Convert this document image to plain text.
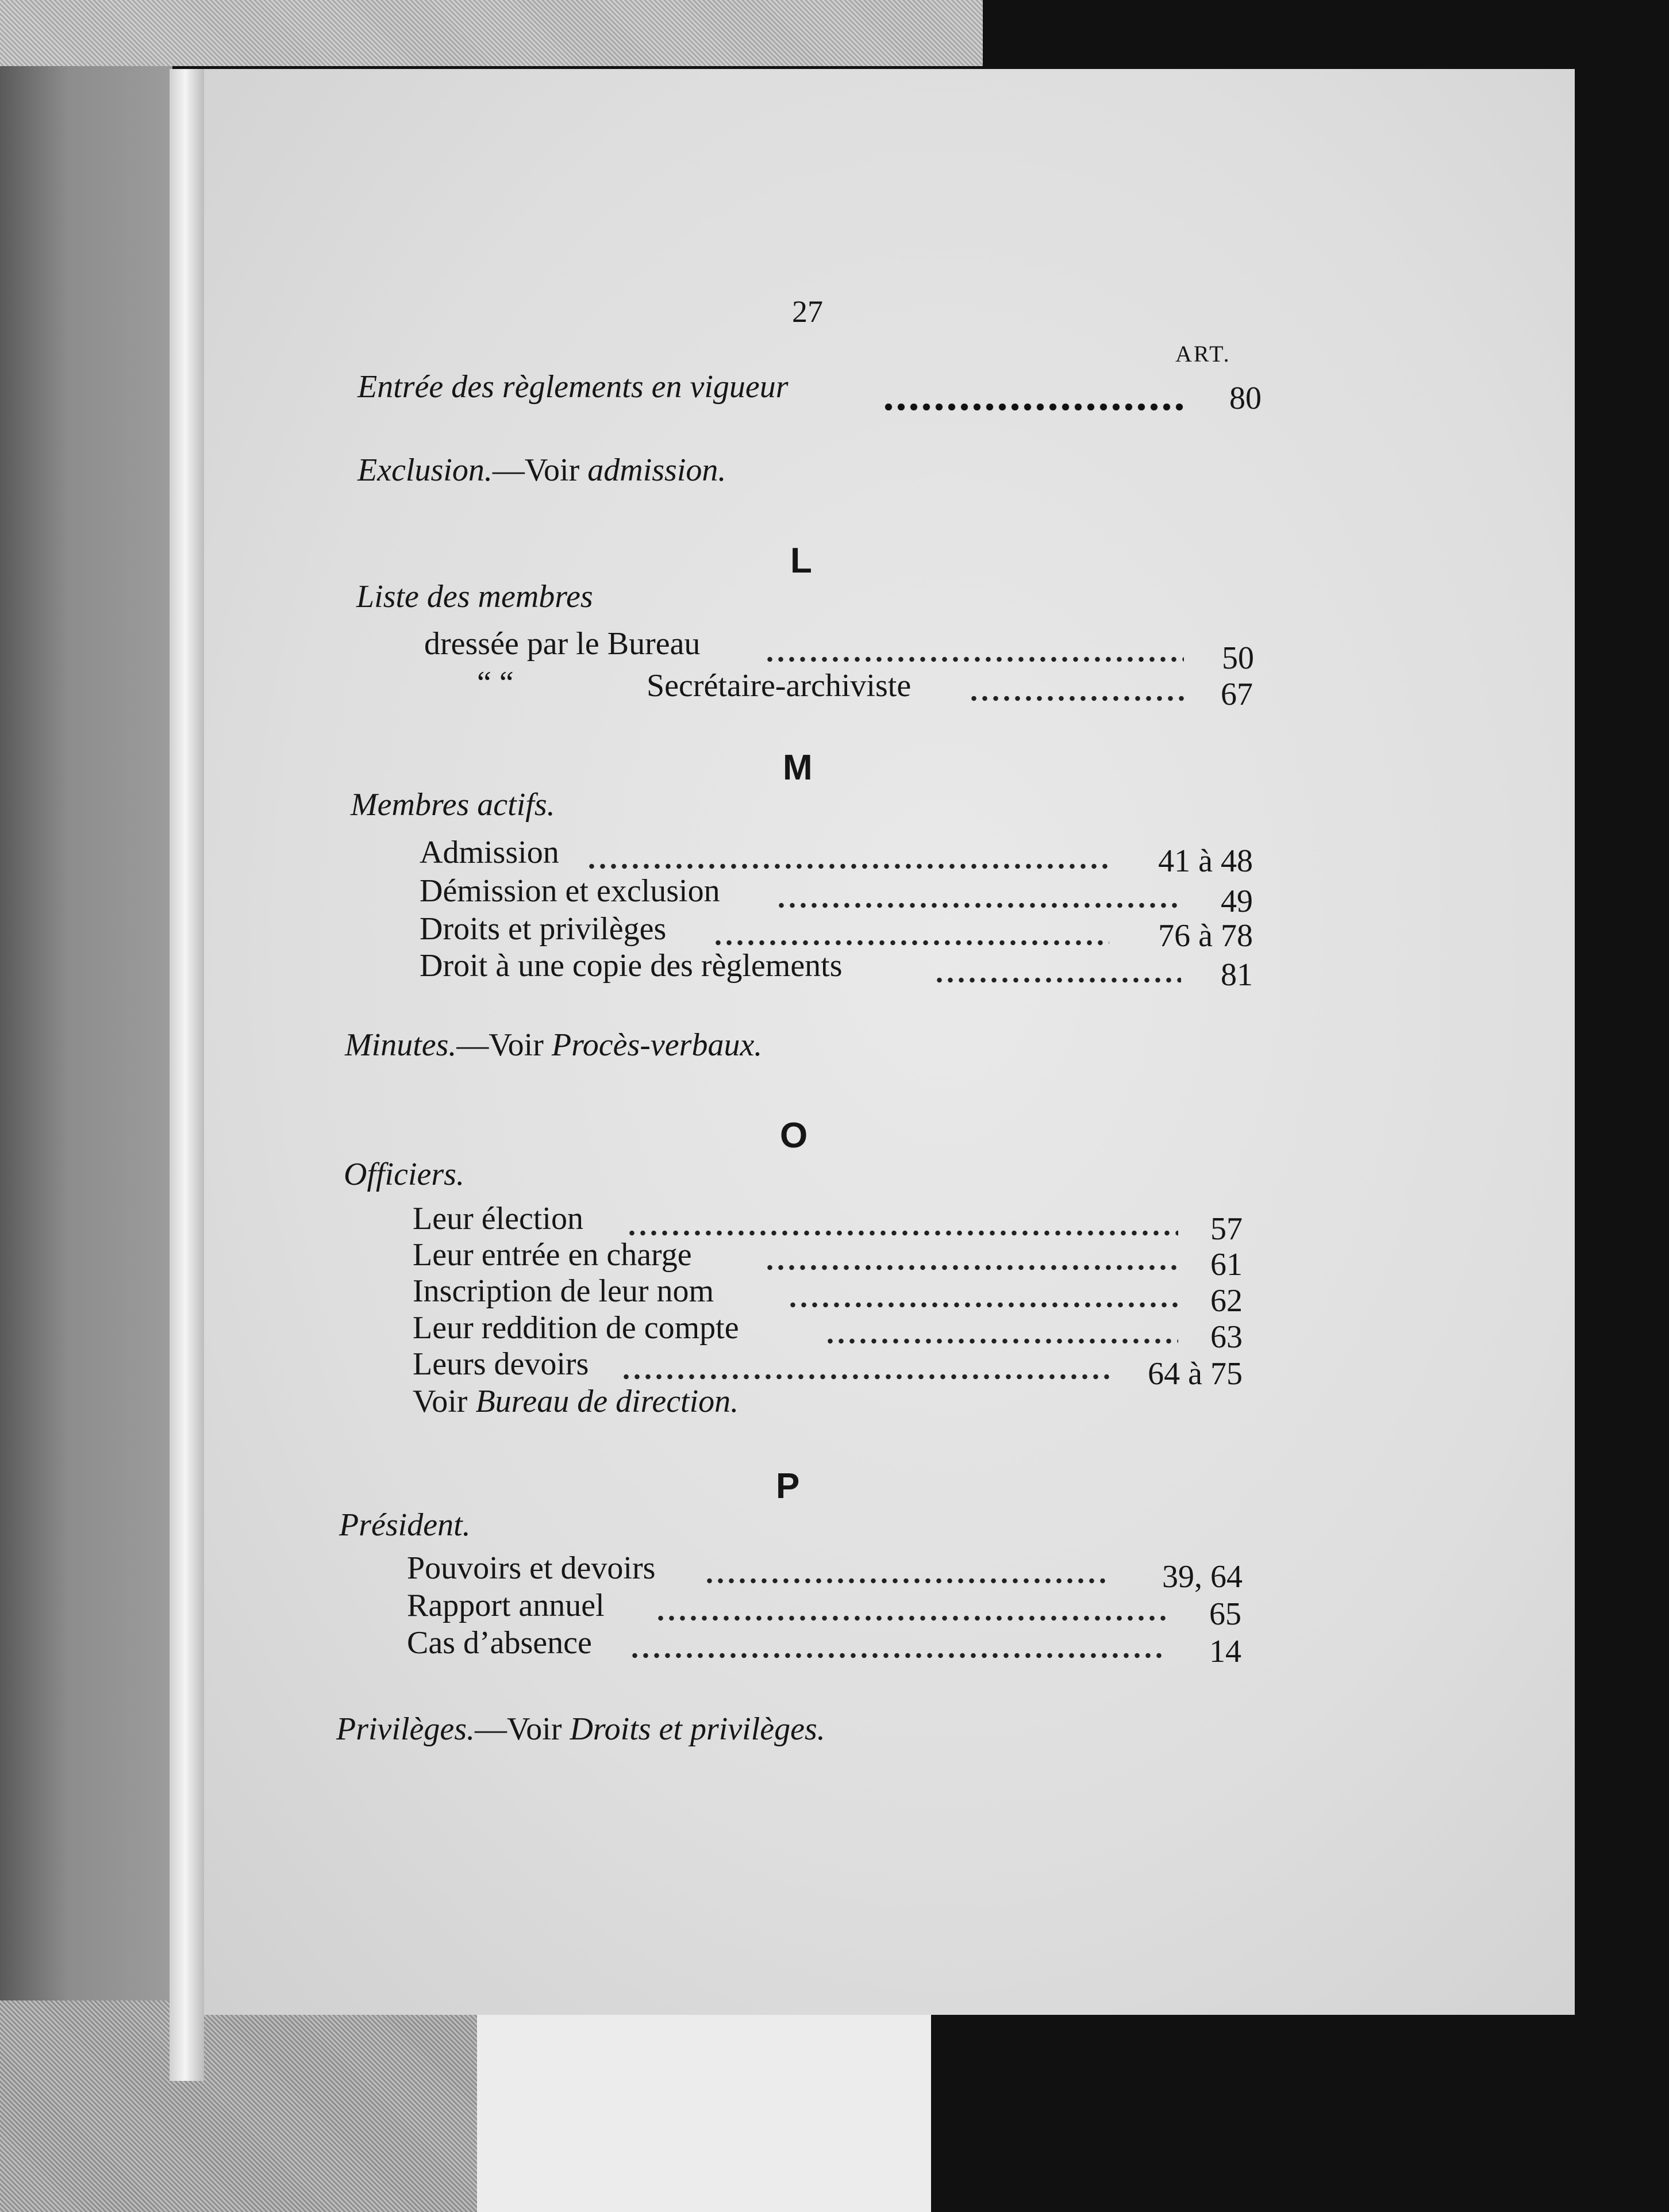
27
ART.
Entrée des règlements en vigueur	80
Exclusion.—Voir admission.
L
Liste des membres
dressée par le Bureau	50
“ “	Secrétaire-archiviste	67
M
Membres actifs.
Admission	41 à 48
Démission et exclusion	49
Droits et privilèges	76 à 78
Droit à une copie des règlements	81
Minutes.—Voir Procès-verbaux.
O
Officiers.
Leur élection	57
Leur entrée en charge	61
Inscription de leur nom	62
Leur reddition de compte	63
Leurs devoirs	64 à 75
Voir Bureau de direction.
P
Président.
Pouvoirs et devoirs	39, 64
Rapport annuel	65
Cas d’absence	14
Privilèges.—Voir Droits et privilèges.
